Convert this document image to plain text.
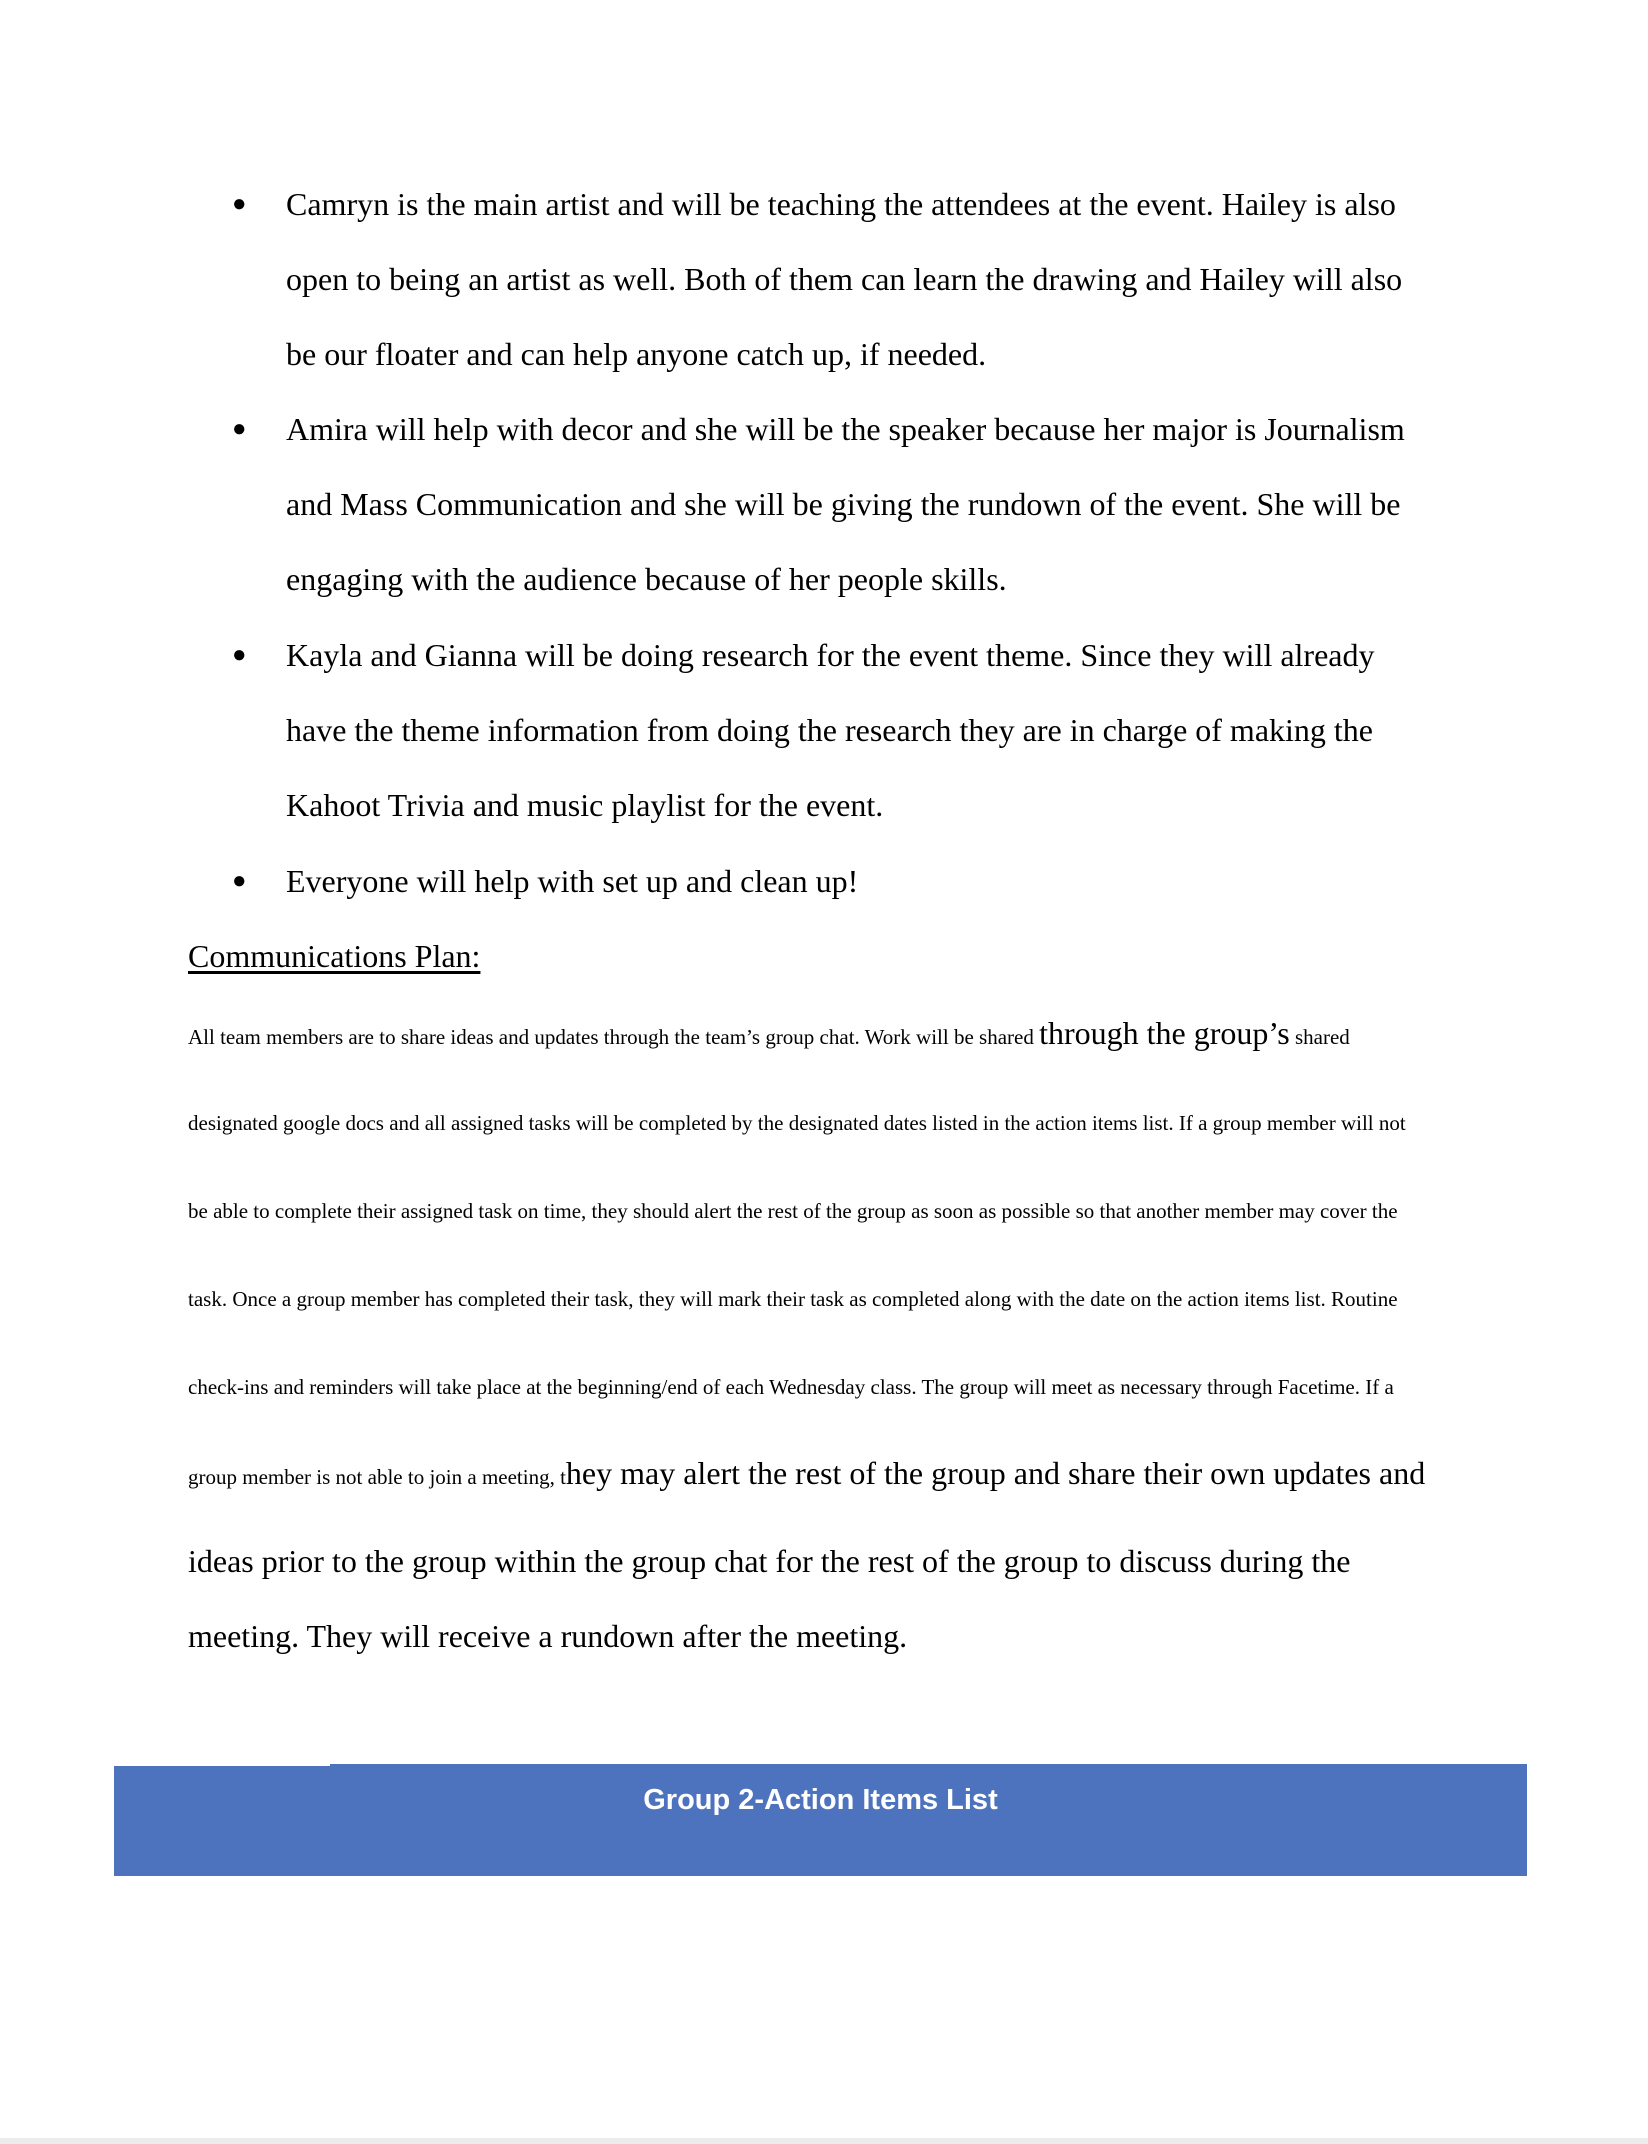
●	Camryn is the main artist and will be teaching the attendees at the event. Hailey is also
open to being an artist as well. Both of them can learn the drawing and Hailey will also
be our floater and can help anyone catch up, if needed.
●	Amira will help with decor and she will be the speaker because her major is Journalism
and Mass Communication and she will be giving the rundown of the event. She will be
engaging with the audience because of her people skills.
●	Kayla and Gianna will be doing research for the event theme. Since they will already
have the theme information from doing the research they are in charge of making the
Kahoot Trivia and music playlist for the event.
●	Everyone will help with set up and clean up!
Communications Plan:
All team members are to share ideas and updates through the team’s group chat. Work will be shared through the group’s shared
designated google docs and all assigned tasks will be completed by the designated dates listed in the action items list. If a group member will not
be able to complete their assigned task on time, they should alert the rest of the group as soon as possible so that another member may cover the
task. Once a group member has completed their task, they will mark their task as completed along with the date on the action items list. Routine
check-ins and reminders will take place at the beginning/end of each Wednesday class. The group will meet as necessary through Facetime. If a
group member is not able to join a meeting, they may alert the rest of the group and share their own updates and
ideas prior to the group within the group chat for the rest of the group to discuss during the
meeting. They will receive a rundown after the meeting.
Group 2-Action Items List
